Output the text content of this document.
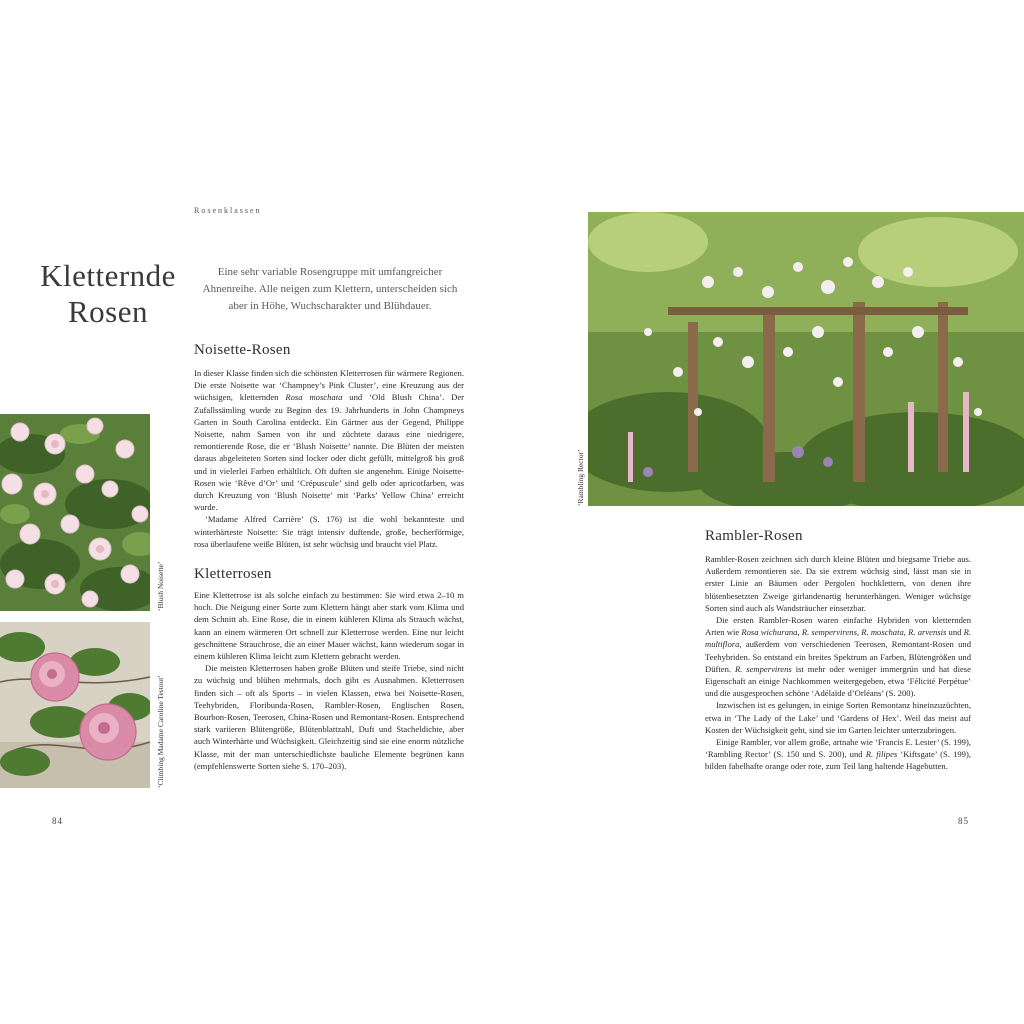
Rosenklassen
Kletternde
Rosen
Eine sehr variable Rosengruppe mit umfangreicher Ahnenreihe. Alle neigen zum Klettern, unterscheiden sich aber in Höhe, Wuchscharakter und Blühdauer.
Noisette-Rosen

In dieser Klasse finden sich die schönsten Kletterrosen für wärmere Regionen. Die erste Noisette war ‘Champney’s Pink Cluster’, eine Kreuzung aus der wüchsigen, kletternden Rosa moschata und ‘Old Blush China’. Der Zufallssämling wurde zu Beginn des 19. Jahrhunderts in John Champneys Garten in South Carolina entdeckt. Ein Gärtner aus der Gegend, Philippe Noisette, nahm Samen von ihr und züchtete daraus eine niedrigere, remontierende Rose, die er ‘Blush Noisette’ nannte. Die Blüten der meisten daraus abgeleiteten Sorten sind locker oder dicht gefüllt, mittelgroß bis groß und in vielerlei Farben erhältlich. Oft duften sie angenehm. Einige Noisette-Rosen wie ‘Rêve d’Or’ und ‘Crépuscule’ sind gelb oder apricotfarben, was durch Kreuzung von ‘Blush Noisette’ mit ‘Parks’ Yellow China’ erreicht wurde.

‘Madame Alfred Carrière’ (S. 176) ist die wohl bekannteste und winterhärteste Noisette: Sie trägt intensiv duftende, große, becherförmige, rosa überlaufene weiße Blüten, ist sehr wüchsig und braucht viel Platz.

Kletterrosen

Eine Kletterrose ist als solche einfach zu bestimmen: Sie wird etwa 2–10 m hoch. Die Neigung einer Sorte zum Klettern hängt aber stark vom Klima und dem Schnitt ab. Eine Rose, die in einem kühleren Klima als Strauch wächst, kann an einem wärmeren Ort schnell zur Kletterrose werden. Eine nur leicht geschnittene Strauchrose, die an einer Mauer wächst, kann wiederum sogar in einem kühleren Klima leicht zum Klettern gebracht werden.

Die meisten Kletterrosen haben große Blüten und steife Triebe, sind nicht zu wüchsig und blühen mehrmals, doch gibt es Ausnahmen. Kletterrosen finden sich – oft als Sports – in vielen Klassen, etwa bei Noisette-Rosen, Teehybriden, Floribunda-Rosen, Rambler-Rosen, Englischen Rosen, Bourbon-Rosen, Teerosen, China-Rosen und Remontant-Rosen. Entsprechend stark variieren Blütengröße, Blütenblattzahl, Duft und Stacheldichte, aber auch Winterhärte und Wüchsigkeit. Gleichzeitig sind sie eine enorm nützliche Klasse, mit der man unterschiedlichste bauliche Elemente begrünen kann (empfehlenswerte Sorten siehe S. 170–203).

‘Blush Noisette’
‘Climbing Madame Caroline Testout’
‘Rambling Rector’
Rambler-Rosen

Rambler-Rosen zeichnen sich durch kleine Blüten und biegsame Triebe aus. Außerdem remontieren sie. Da sie extrem wüchsig sind, lässt man sie in erster Linie an Bäumen oder Pergolen hochklettern, von denen ihre blütenbesetzten Zweige girlandenartig herunterhängen. Weniger wüchsige Sorten sind auch als Wandsträucher einsetzbar.

Die ersten Rambler-Rosen waren einfache Hybriden von kletternden Arten wie Rosa wichurana, R. sempervirens, R. moschata, R. arvensis und R. multiflora, außerdem von verschiedenen Teerosen, Remontant-Rosen und Teehybriden. So entstand ein breites Spektrum an Farben, Blütengrößen und Düften. R. sempervirens ist mehr oder weniger immergrün und hat diese Eigenschaft an einige Nachkommen weitergegeben, etwa ‘Félicité Perpétue’ und die ausgesprochen schöne ‘Adélaïde d’Orléans’ (S. 200).

Inzwischen ist es gelungen, in einige Sorten Remontanz hineinzuzüchten, etwa in ‘The Lady of the Lake’ und ‘Gardens of Hex’. Weil das meist auf Kosten der Wüchsigkeit geht, sind sie im Garten leichter unterzubringen.

Einige Rambler, vor allem große, artnahe wie ‘Francis E. Lester’ (S. 199), ‘Rambling Rector’ (S. 150 und S. 200), und R. filipes ‘Kiftsgate’ (S. 199), bilden fabelhafte orange oder rote, zum Teil lang haltende Hagebutten.

84	85
